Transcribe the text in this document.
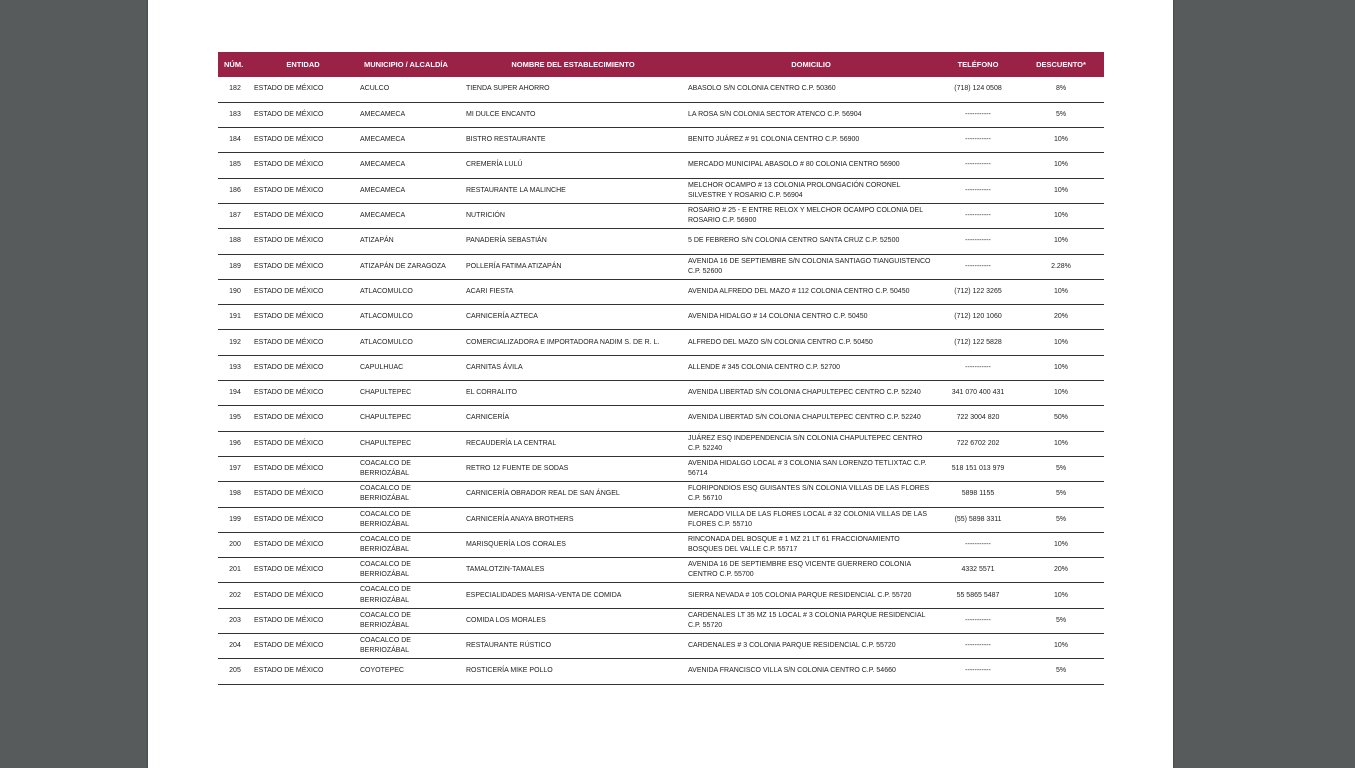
NÚM.	ENTIDAD	MUNICIPIO / ALCALDÍA	NOMBRE DEL ESTABLECIMIENTO	DOMICILIO	TELÉFONO	DESCUENTO*
182	ESTADO DE MÉXICO	ACULCO	TIENDA SUPER AHORRO	ABASOLO S/N COLONIA CENTRO C.P. 50360	(718) 124 0508	8%
183	ESTADO DE MÉXICO	AMECAMECA	MI DULCE ENCANTO	LA ROSA S/N COLONIA SECTOR ATENCO C.P. 56904	-----------	5%
184	ESTADO DE MÉXICO	AMECAMECA	BISTRO RESTAURANTE	BENITO JUÁREZ # 91 COLONIA CENTRO C.P. 56900	-----------	10%
185	ESTADO DE MÉXICO	AMECAMECA	CREMERÍA LULÚ	MERCADO MUNICIPAL ABASOLO # 80 COLONIA CENTRO 56900	-----------	10%
186	ESTADO DE MÉXICO	AMECAMECA	RESTAURANTE LA MALINCHE	MELCHOR OCAMPO # 13 COLONIA PROLONGACIÓN CORONEL SILVESTRE Y ROSARIO C.P. 56904	-----------	10%
187	ESTADO DE MÉXICO	AMECAMECA	NUTRICIÓN	ROSARIO # 25 - E ENTRE RELOX Y MELCHOR OCAMPO COLONIA DEL ROSARIO C.P. 56900	-----------	10%
188	ESTADO DE MÉXICO	ATIZAPÁN	PANADERÍA SEBASTIÁN	5 DE FEBRERO S/N COLONIA CENTRO SANTA CRUZ C.P. 52500	-----------	10%
189	ESTADO DE MÉXICO	ATIZAPÁN DE ZARAGOZA	POLLERÍA FATIMA ATIZAPÁN	AVENIDA 16 DE SEPTIEMBRE S/N COLONIA SANTIAGO TIANGUISTENCO C.P. 52600	-----------	2.28%
190	ESTADO DE MÉXICO	ATLACOMULCO	ACARI FIESTA	AVENIDA ALFREDO DEL MAZO # 112 COLONIA CENTRO C.P. 50450	(712) 122 3265	10%
191	ESTADO DE MÉXICO	ATLACOMULCO	CARNICERÍA AZTECA	AVENIDA HIDALGO # 14 COLONIA CENTRO C.P. 50450	(712) 120 1060	20%
192	ESTADO DE MÉXICO	ATLACOMULCO	COMERCIALIZADORA E IMPORTADORA NADIM S. DE R. L.	ALFREDO DEL MAZO S/N COLONIA CENTRO C.P. 50450	(712) 122 5828	10%
193	ESTADO DE MÉXICO	CAPULHUAC	CARNITAS ÁVILA	ALLENDE # 345 COLONIA CENTRO C.P. 52700	-----------	10%
194	ESTADO DE MÉXICO	CHAPULTEPEC	EL CORRALITO	AVENIDA LIBERTAD S/N COLONIA CHAPULTEPEC CENTRO C.P. 52240	341 070 400 431	10%
195	ESTADO DE MÉXICO	CHAPULTEPEC	CARNICERÍA	AVENIDA LIBERTAD S/N COLONIA CHAPULTEPEC CENTRO C.P. 52240	722 3004 820	50%
196	ESTADO DE MÉXICO	CHAPULTEPEC	RECAUDERÍA LA CENTRAL	JUÁREZ ESQ INDEPENDENCIA S/N COLONIA CHAPULTEPEC CENTRO C.P. 52240	722 6702 202	10%
197	ESTADO DE MÉXICO	COACALCO DE BERRIOZÁBAL	RETRO 12 FUENTE DE SODAS	AVENIDA HIDALGO LOCAL # 3 COLONIA SAN LORENZO TETLIXTAC C.P. 56714	518 151 013 979	5%
198	ESTADO DE MÉXICO	COACALCO DE BERRIOZÁBAL	CARNICERÍA OBRADOR REAL DE SAN ÁNGEL	FLORIPONDIOS ESQ GUISANTES S/N COLONIA VILLAS DE LAS FLORES C.P. 56710	5898 1155	5%
199	ESTADO DE MÉXICO	COACALCO DE BERRIOZÁBAL	CARNICERÍA ANAYA BROTHERS	MERCADO VILLA DE LAS FLORES LOCAL # 32 COLONIA VILLAS DE LAS FLORES C.P. 55710	(55) 5898 3311	5%
200	ESTADO DE MÉXICO	COACALCO DE BERRIOZÁBAL	MARISQUERÍA LOS CORALES	RINCONADA DEL BOSQUE # 1 MZ 21 LT 61 FRACCIONAMIENTO BOSQUES DEL VALLE C.P. 55717	-----------	10%
201	ESTADO DE MÉXICO	COACALCO DE BERRIOZÁBAL	TAMALOTZIN-TAMALES	AVENIDA 16 DE SEPTIEMBRE ESQ VICENTE GUERRERO COLONIA CENTRO C.P. 55700	4332 5571	20%
202	ESTADO DE MÉXICO	COACALCO DE BERRIOZÁBAL	ESPECIALIDADES MARISA-VENTA DE COMIDA	SIERRA NEVADA # 105 COLONIA PARQUE RESIDENCIAL C.P. 55720	55 5865 5487	10%
203	ESTADO DE MÉXICO	COACALCO DE BERRIOZÁBAL	COMIDA LOS MORALES	CARDENALES LT 35 MZ 15 LOCAL # 3 COLONIA PARQUE RESIDENCIAL C.P. 55720	-----------	5%
204	ESTADO DE MÉXICO	COACALCO DE BERRIOZÁBAL	RESTAURANTE RÚSTICO	CARDENALES # 3 COLONIA PARQUE RESIDENCIAL C.P. 55720	-----------	10%
205	ESTADO DE MÉXICO	COYOTEPEC	ROSTICERÍA MIKE POLLO	AVENIDA FRANCISCO VILLA S/N COLONIA CENTRO C.P. 54660	-----------	5%
